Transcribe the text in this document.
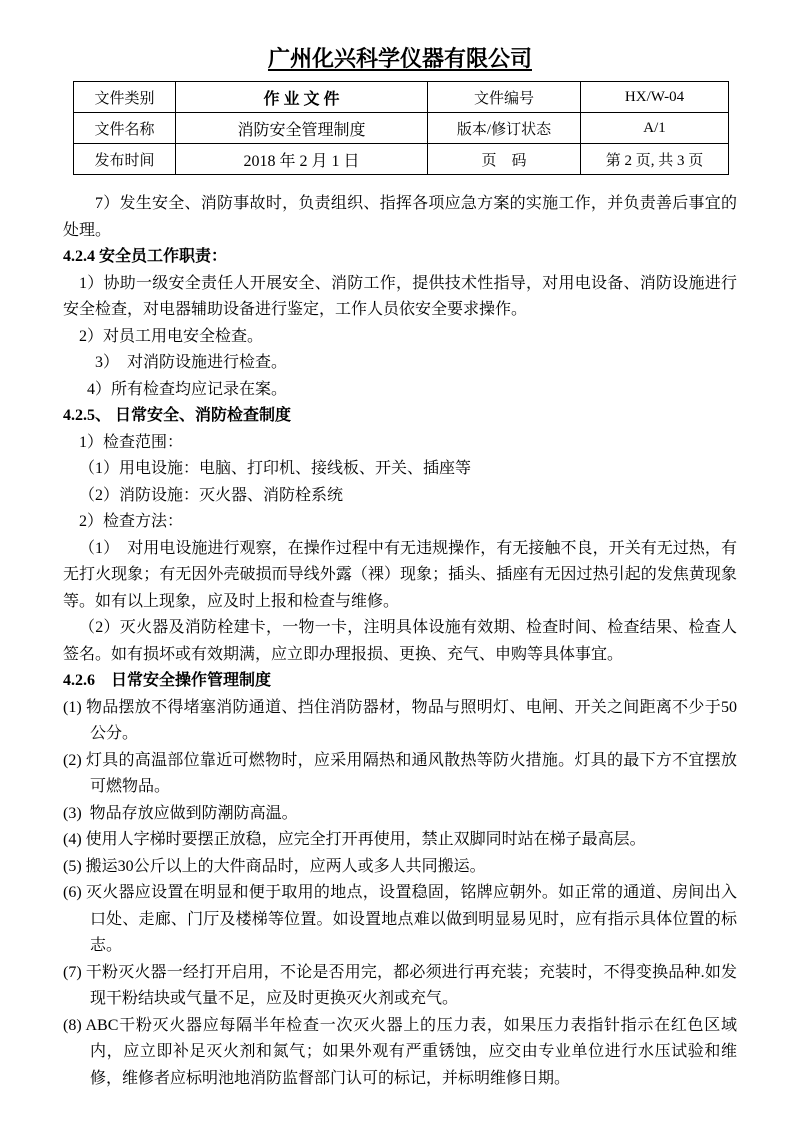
广州化兴科学仪器有限公司
文件类别	作 业 文 件	文件编号	HX/W-04
文件名称	消防安全管理制度	版本/修订状态	A/1
发布时间	2018 年 2 月 1 日	页　码	第 2 页, 共 3 页

7）发生安全、消防事故时，负责组织、指挥各项应急方案的实施工作，并负责善后事宜的处理。

4.2.4 安全员工作职责：

1）协助一级安全责任人开展安全、消防工作，提供技术性指导，对用电设备、消防设施进行安全检查，对电器辅助设备进行鉴定，工作人员依安全要求操作。

2）对员工用电安全检查。

3）　对消防设施进行检查。

4）所有检查均应记录在案。

4.2.5、 日常安全、消防检查制度

1）检查范围：

（1）用电设施：电脑、打印机、接线板、开关、插座等

（2）消防设施：灭火器、消防栓系统

2）检查方法：

（1）　对用电设施进行观察，在操作过程中有无违规操作，有无接触不良，开关有无过热，有无打火现象；有无因外壳破损而导线外露（裸）现象；插头、插座有无因过热引起的发焦黄现象等。如有以上现象，应及时上报和检查与维修。

（2）灭火器及消防栓建卡，一物一卡，注明具体设施有效期、检查时间、检查结果、检查人签名。如有损坏或有效期满，应立即办理报损、更换、充气、申购等具体事宜。

4.2.6　日常安全操作管理制度

(1) 物品摆放不得堵塞消防通道、挡住消防器材，物品与照明灯、电闸、开关之间距离不少于50公分。

(2) 灯具的高温部位靠近可燃物时，应采用隔热和通风散热等防火措施。灯具的最下方不宜摆放可燃物品。

(3)  物品存放应做到防潮防高温。

(4) 使用人字梯时要摆正放稳，应完全打开再使用，禁止双脚同时站在梯子最高层。

(5) 搬运30公斤以上的大件商品时，应两人或多人共同搬运。

(6) 灭火器应设置在明显和便于取用的地点，设置稳固，铭牌应朝外。如正常的通道、房间出入口处、走廊、门厅及楼梯等位置。如设置地点难以做到明显易见时，应有指示具体位置的标志。

(7) 干粉灭火器一经打开启用，不论是否用完，都必须进行再充装；充装时，不得变换品种.如发现干粉结块或气量不足，应及时更换灭火剂或充气。

(8) ABC干粉灭火器应每隔半年检查一次灭火器上的压力表，如果压力表指针指示在红色区域内，应立即补足灭火剂和氮气；如果外观有严重锈蚀，应交由专业单位进行水压试验和维修，维修者应标明池地消防监督部门认可的标记，并标明维修日期。
